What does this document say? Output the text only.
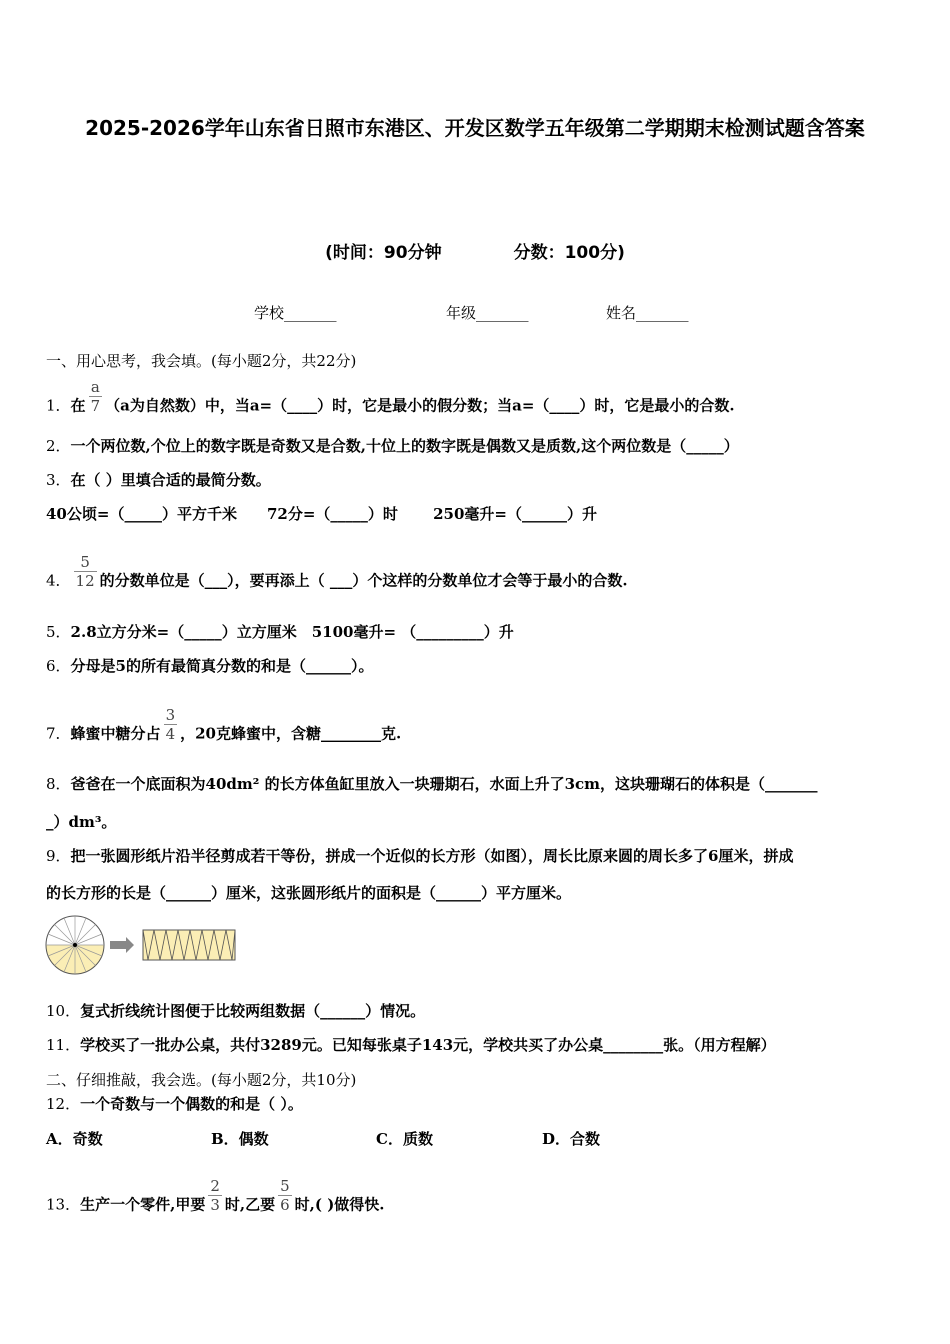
2025-2026学年山东省日照市东港区、开发区数学五年级第二学期期末检测试题含答案
(时间：90分钟	分数：100分)
学校_______	年级_______	姓名_______
一、用心思考，我会填。(每小题2分，共22分)
1．在 $\frac{a}{7} (a$为自然数）中，当a=（____）时，它是最小的假分数；当a=（____）时，它是最小的合数.
2．一个两位数,个位上的数字既是奇数又是合数,十位上的数字既是偶数又是质数,这个两位数是（_____）
3．在（ ）里填合适的最简分数。
40公顷=（_____）平方千米　　72分=（_____）时　　 250毫升=（______）升
4． $\frac{5}{12}$ 的分数单位是（___），要再添上（ ___）个这样的分数单位才会等于最小的合数.
5．2.8立方分米=（_____）立方厘米　5100毫升= （_________）升
6．分母是5的所有最简真分数的和是（______）。
7．蜂蜜中糖分占 $\frac{3}{4}$ ，20克蜂蜜中，含糖________克.
8．爸爸在一个底面积为40dm² 的长方体鱼缸里放入一块珊期石，水面上升了3cm，这块珊瑚石的体积是（_______
_）dm³。
9．把一张圆形纸片沿半径剪成若干等份，拼成一个近似的长方形（如图），周长比原来圆的周长多了6厘米，拼成
的长方形的长是（______）厘米，这张圆形纸片的面积是（______）平方厘米。
10．复式折线统计图便于比较两组数据（______）情况。
11．学校买了一批办公桌，共付3289元。已知每张桌子143元，学校共买了办公桌________张。（用方程解）
二、仔细推敲，我会选。(每小题2分，共10分)
12．一个奇数与一个偶数的和是（ ）。
A．奇数	B．偶数	C．质数	D．合数
13．生产一个零件,甲要 $\frac{2}{3}$ 时,乙要 $\frac{5}{6}$ 时,( )做得快.
